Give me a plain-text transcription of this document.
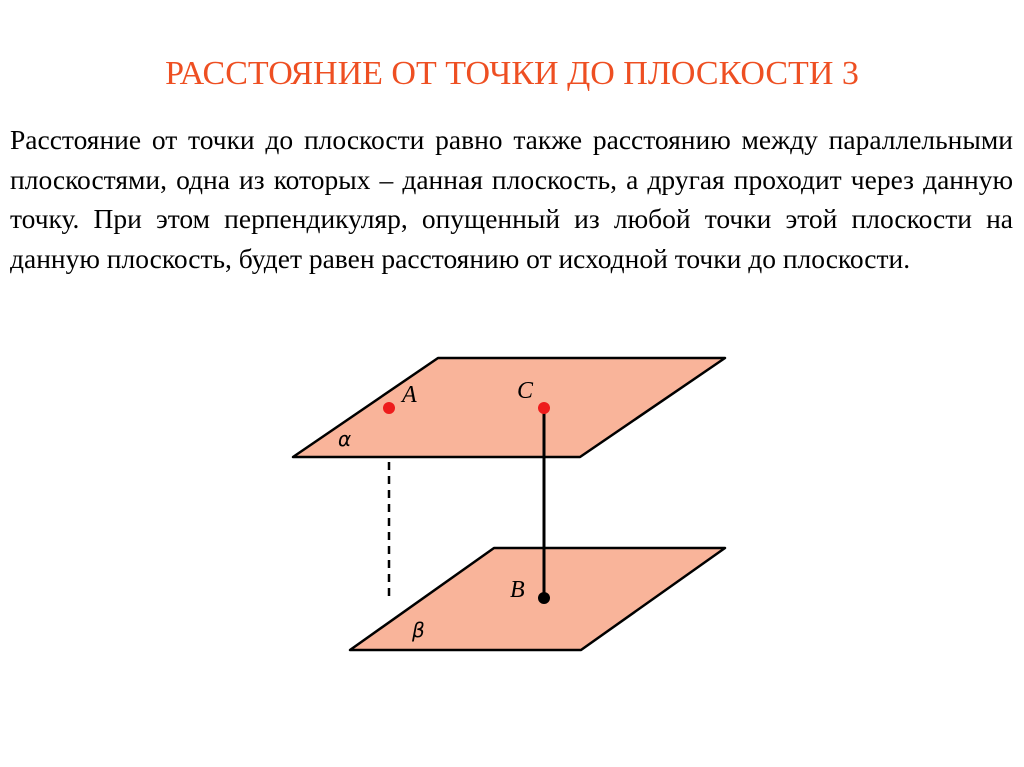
РАССТОЯНИЕ ОТ ТОЧКИ ДО ПЛОСКОСТИ 3

Расстояние от точки до плоскости равно также расстоянию между параллельными плоскостями, одна из которых – данная плоскость, а другая проходит через данную точку. При этом перпендикуляр, опущенный из любой точки этой плоскости на данную плоскость, будет равен расстоянию от исходной точки до плоскости.

A	C
B
α
β
